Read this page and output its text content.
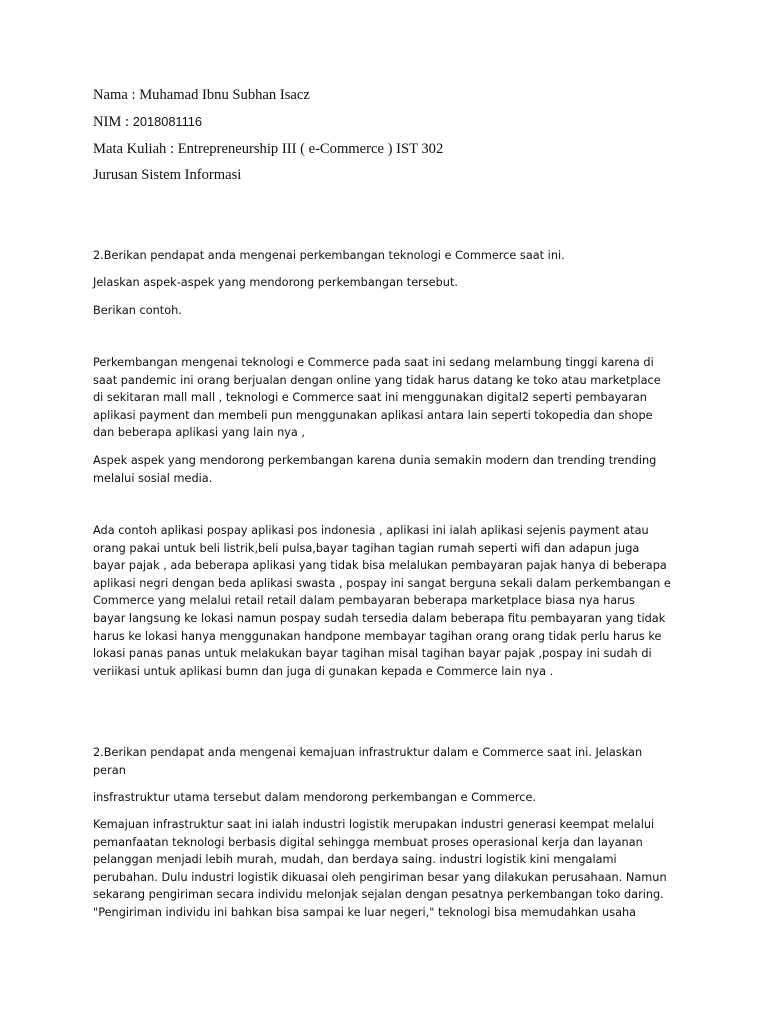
Nama : Muhamad Ibnu Subhan Isacz
NIM : 2018081116
Mata Kuliah : Entrepreneurship III ( e-Commerce ) IST 302
Jurusan Sistem Informasi
2.Berikan pendapat anda mengenai perkembangan teknologi e Commerce saat ini.
Jelaskan aspek-aspek yang mendorong perkembangan tersebut.
Berikan contoh.
Perkembangan mengenai teknologi e Commerce pada saat ini sedang melambung tinggi karena di
saat pandemic ini orang berjualan dengan online yang tidak harus datang ke toko atau marketplace
di sekitaran mall mall , teknologi e Commerce saat ini menggunakan digital2 seperti pembayaran
aplikasi payment dan membeli pun menggunakan aplikasi antara lain seperti tokopedia dan shope
dan beberapa aplikasi yang lain nya ,
Aspek aspek yang mendorong perkembangan karena dunia semakin modern dan trending trending
melalui sosial media.
Ada contoh aplikasi pospay aplikasi pos indonesia , aplikasi ini ialah aplikasi sejenis payment atau
orang pakai untuk beli listrik,beli pulsa,bayar tagihan tagian rumah seperti wifi dan adapun juga
bayar pajak , ada beberapa aplikasi yang tidak bisa melalukan pembayaran pajak hanya di beberapa
aplikasi negri dengan beda aplikasi swasta , pospay ini sangat berguna sekali dalam perkembangan e
Commerce yang melalui retail retail dalam pembayaran beberapa marketplace biasa nya harus
bayar langsung ke lokasi namun pospay sudah tersedia dalam beberapa fitu pembayaran yang tidak
harus ke lokasi hanya menggunakan handpone membayar tagihan orang orang tidak perlu harus ke
lokasi panas panas untuk melakukan bayar tagihan misal tagihan bayar pajak ,pospay ini sudah di
veriikasi untuk aplikasi bumn dan juga di gunakan kepada e Commerce lain nya .
2.Berikan pendapat anda mengenai kemajuan infrastruktur dalam e Commerce saat ini. Jelaskan
peran
insfrastruktur utama tersebut dalam mendorong perkembangan e Commerce.
Kemajuan infrastruktur saat ini ialah industri logistik merupakan industri generasi keempat melalui
pemanfaatan teknologi berbasis digital sehingga membuat proses operasional kerja dan layanan
pelanggan menjadi lebih murah, mudah, dan berdaya saing. industri logistik kini mengalami
perubahan. Dulu industri logistik dikuasai oleh pengiriman besar yang dilakukan perusahaan. Namun
sekarang pengiriman secara individu melonjak sejalan dengan pesatnya perkembangan toko daring.
"Pengiriman individu ini bahkan bisa sampai ke luar negeri," teknologi bisa memudahkan usaha
